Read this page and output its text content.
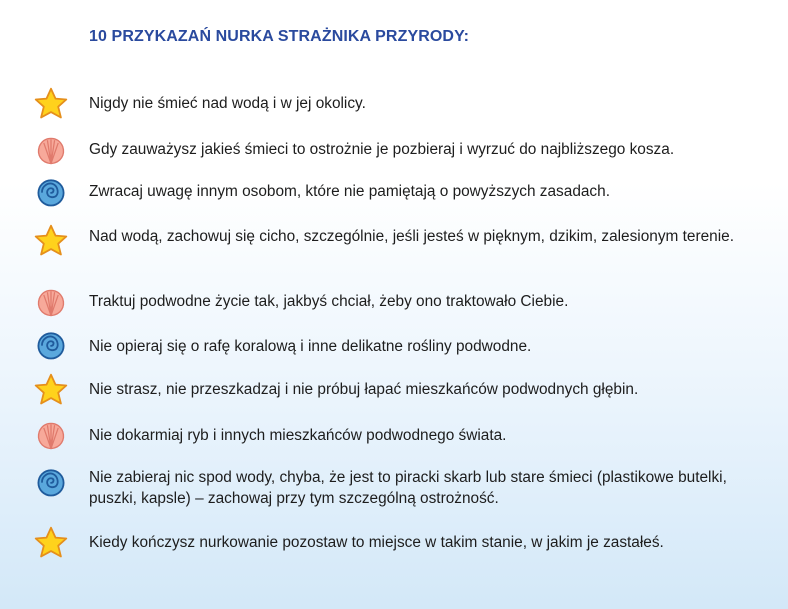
10 PRZYKAZAŃ NURKA STRAŻNIKA PRZYRODY:
Nigdy nie śmieć nad wodą i w jej okolicy.
Gdy zauważysz jakieś śmieci to ostrożnie je pozbieraj i wyrzuć do najbliższego kosza.
Zwracaj uwagę innym osobom, które nie pamiętają o powyższych zasadach.
Nad wodą, zachowuj się cicho, szczególnie, jeśli jesteś w pięknym, dzikim, zalesionym terenie.
Traktuj podwodne życie tak, jakbyś chciał, żeby ono traktowało Ciebie.
Nie opieraj się o rafę koralową i inne delikatne rośliny podwodne.
Nie strasz, nie przeszkadzaj i nie próbuj łapać mieszkańców podwodnych głębin.
Nie dokarmiaj ryb i innych mieszkańców podwodnego świata.
Nie zabieraj nic spod wody, chyba, że jest to piracki skarb lub stare śmieci (plastikowe butelki, puszki, kapsle) – zachowaj przy tym szczególną ostrożność.
Kiedy kończysz nurkowanie pozostaw to miejsce w takim stanie, w jakim je zastałeś.
